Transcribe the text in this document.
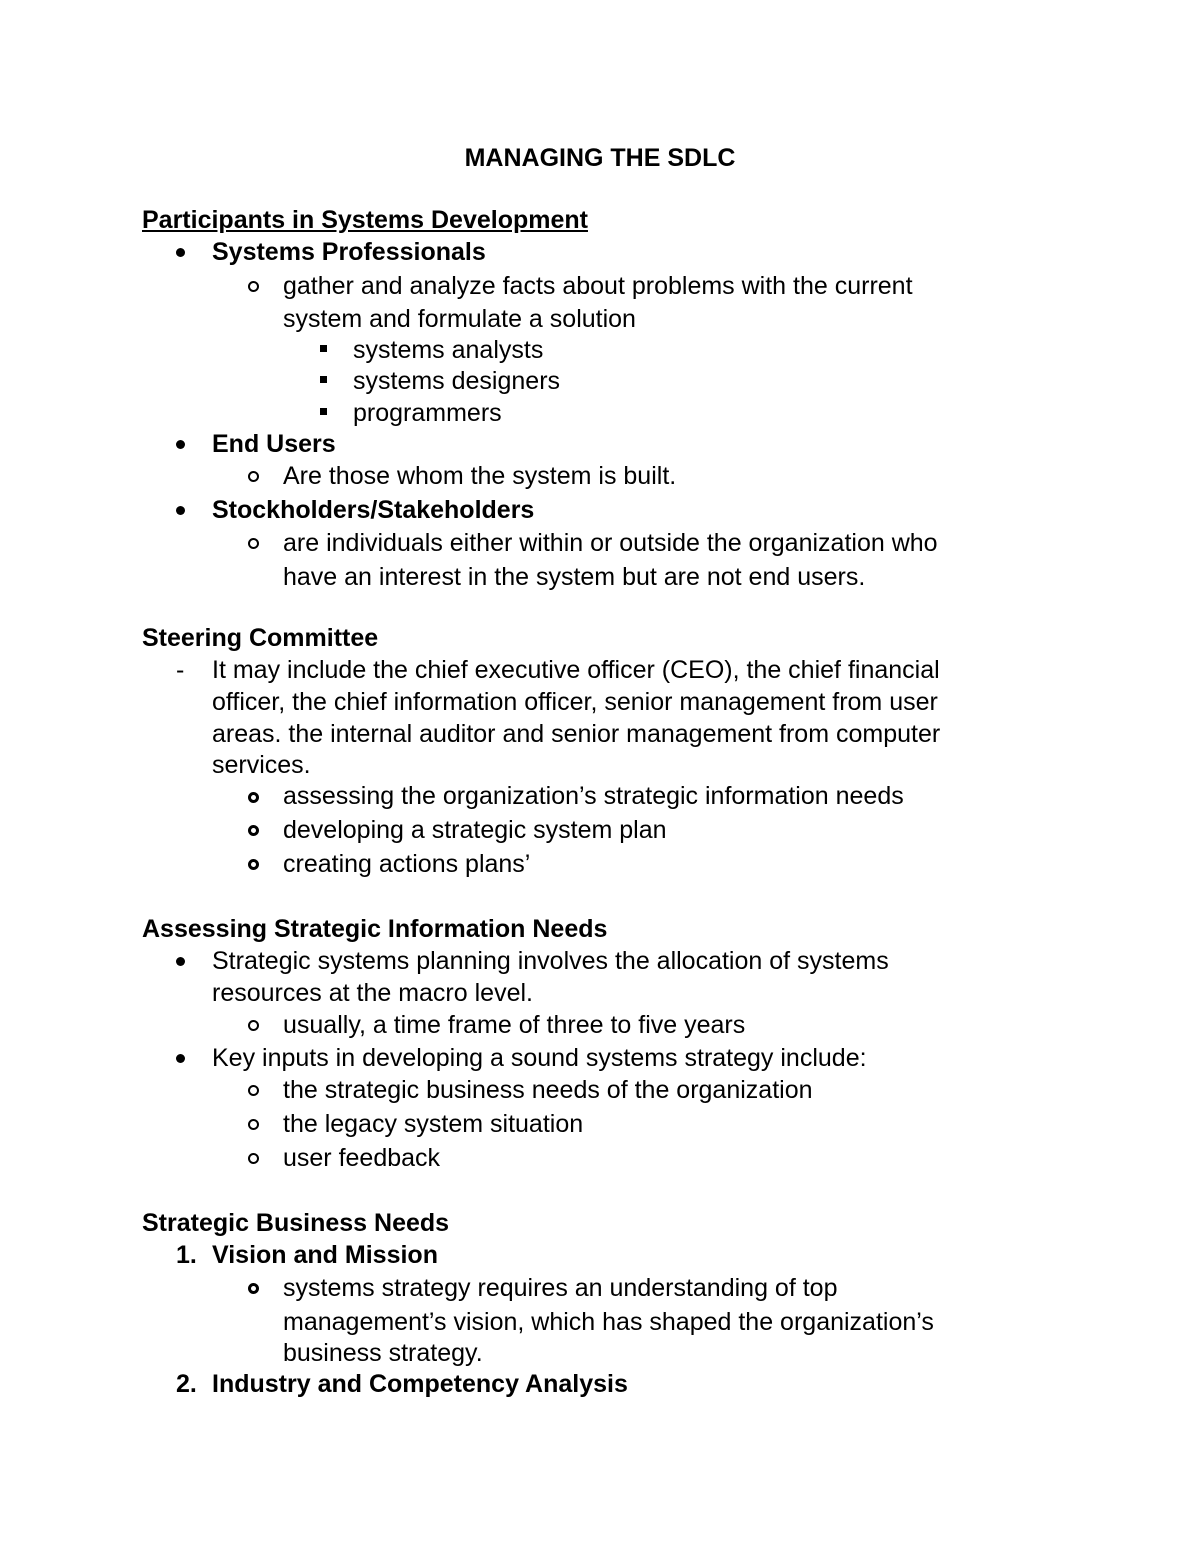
MANAGING THE SDLC
Participants in Systems Development
Systems Professionals
gather and analyze facts about problems with the current
system and formulate a solution
systems analysts
systems designers
programmers
End Users
Are those whom the system is built.
Stockholders/Stakeholders
are individuals either within or outside the organization who
have an interest in the system but are not end users.
Steering Committee
- It may include the chief executive officer (CEO), the chief financial
officer, the chief information officer, senior management from user
areas. the internal auditor and senior management from computer
services.
assessing the organization’s strategic information needs
developing a strategic system plan
creating actions plans’
Assessing Strategic Information Needs
Strategic systems planning involves the allocation of systems
resources at the macro level.
usually, a time frame of three to five years
Key inputs in developing a sound systems strategy include:
the strategic business needs of the organization
the legacy system situation
user feedback
Strategic Business Needs
1. Vision and Mission
systems strategy requires an understanding of top
management’s vision, which has shaped the organization’s
business strategy.
2. Industry and Competency Analysis
